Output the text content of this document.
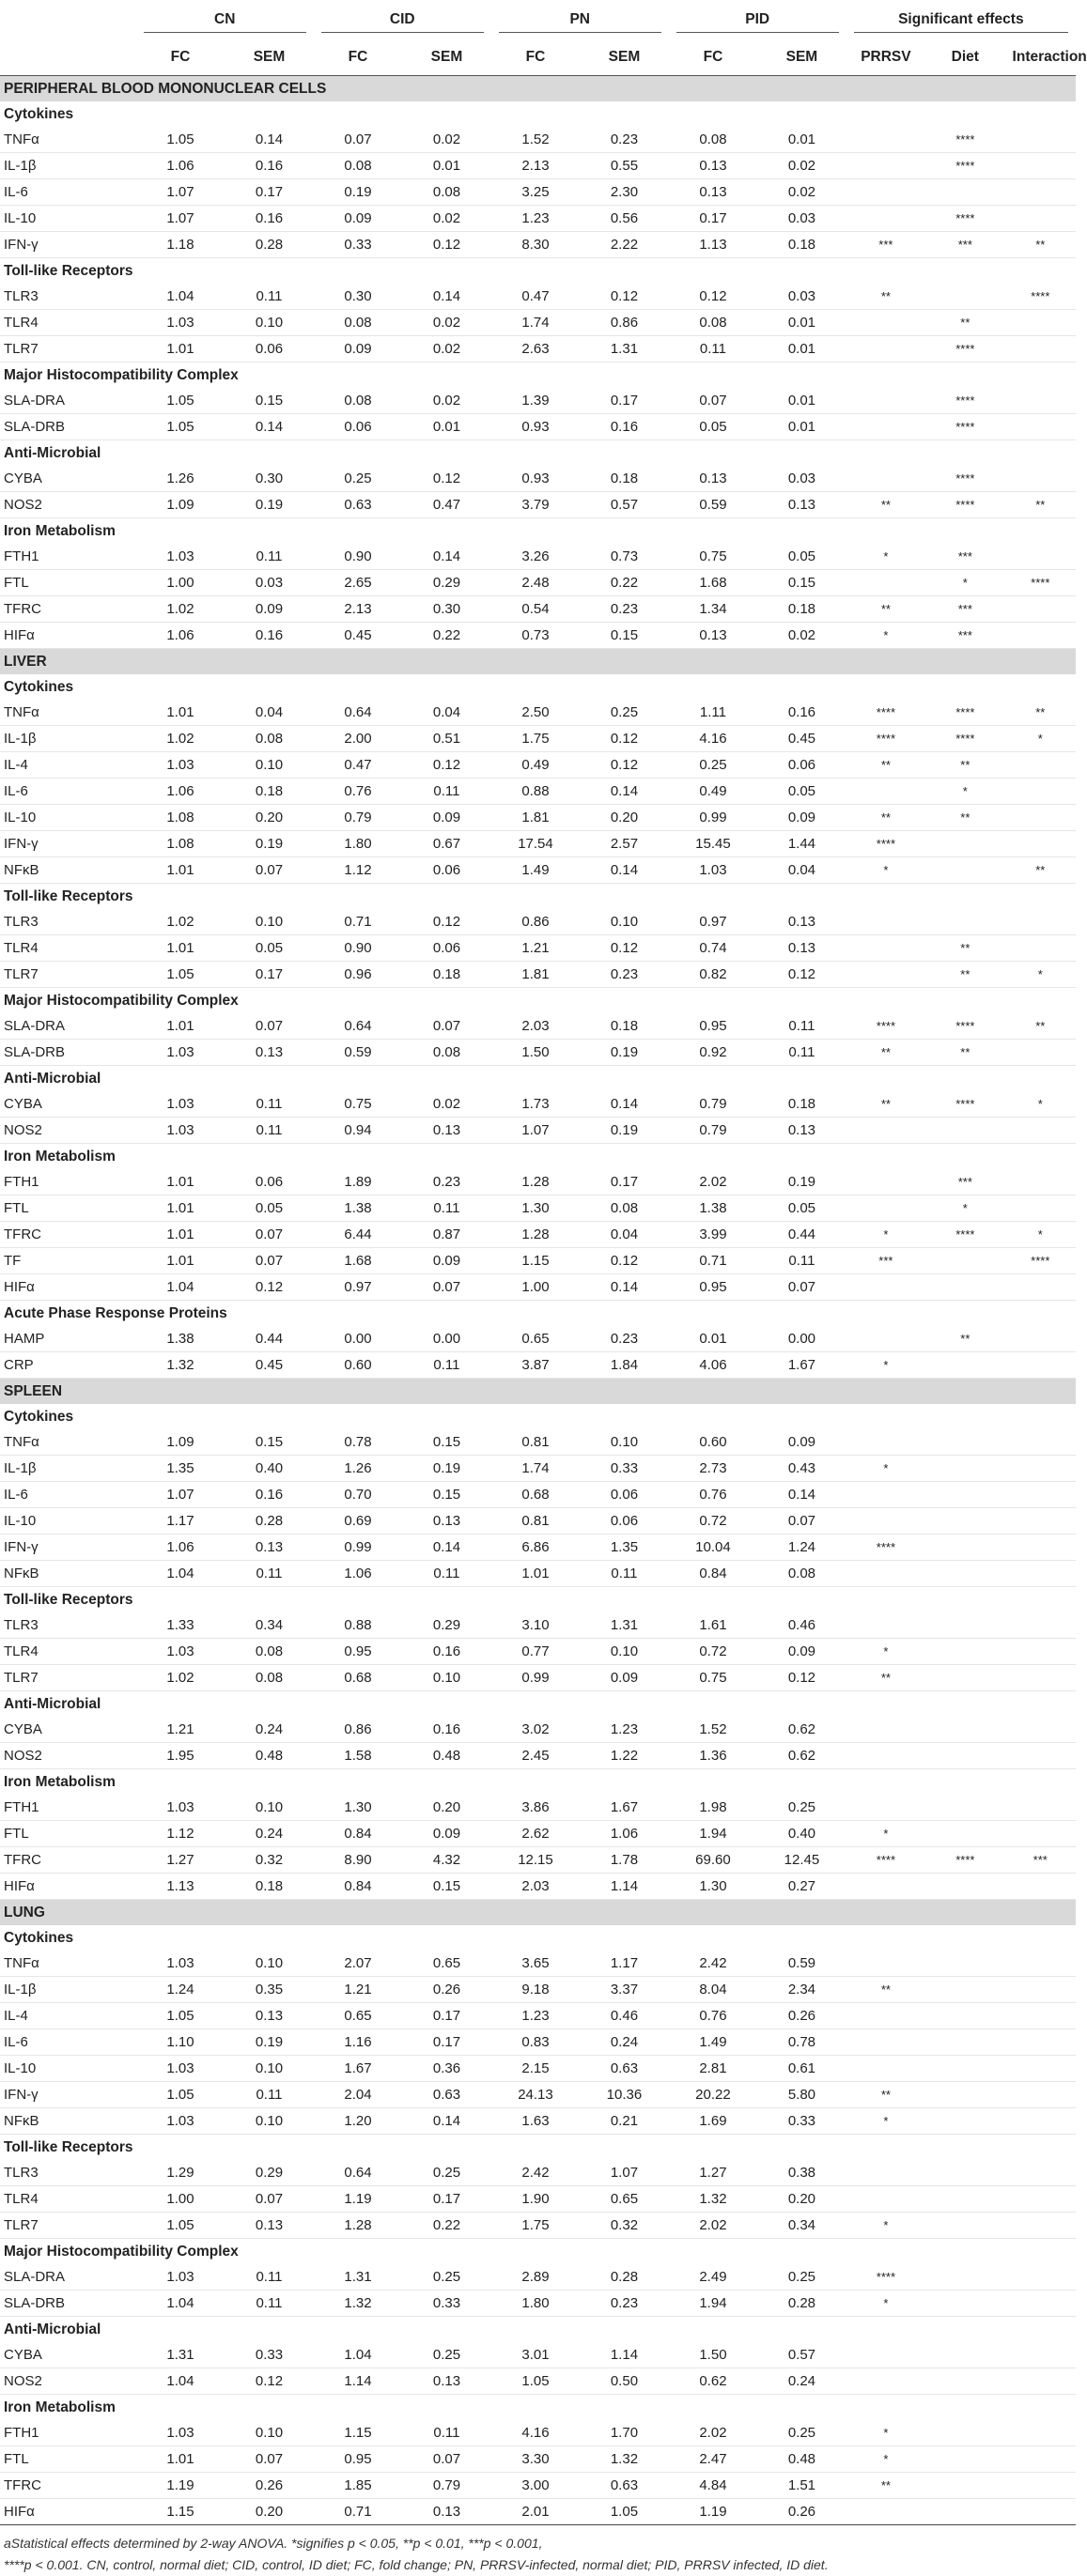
	CN		CID		PN		PID		Significant effects		
	FC	SEM	FC	SEM	FC	SEM	FC	SEM	PRRSV	Diet	Interaction
PERIPHERAL BLOOD MONONUCLEAR CELLS											
Cytokines											
TNFα	1.05	0.14	0.07	0.02	1.52	0.23	0.08	0.01		****	
IL-1β	1.06	0.16	0.08	0.01	2.13	0.55	0.13	0.02		****	
IL-6	1.07	0.17	0.19	0.08	3.25	2.30	0.13	0.02			
IL-10	1.07	0.16	0.09	0.02	1.23	0.56	0.17	0.03		****	
IFN-γ	1.18	0.28	0.33	0.12	8.30	2.22	1.13	0.18	***	***	**
Toll-like Receptors											
TLR3	1.04	0.11	0.30	0.14	0.47	0.12	0.12	0.03	**		****
TLR4	1.03	0.10	0.08	0.02	1.74	0.86	0.08	0.01		**	
TLR7	1.01	0.06	0.09	0.02	2.63	1.31	0.11	0.01		****	
Major Histocompatibility Complex											
SLA-DRA	1.05	0.15	0.08	0.02	1.39	0.17	0.07	0.01		****	
SLA-DRB	1.05	0.14	0.06	0.01	0.93	0.16	0.05	0.01		****	
Anti-Microbial											
CYBA	1.26	0.30	0.25	0.12	0.93	0.18	0.13	0.03		****	
NOS2	1.09	0.19	0.63	0.47	3.79	0.57	0.59	0.13	**	****	**
Iron Metabolism											
FTH1	1.03	0.11	0.90	0.14	3.26	0.73	0.75	0.05	*	***	
FTL	1.00	0.03	2.65	0.29	2.48	0.22	1.68	0.15		*	****
TFRC	1.02	0.09	2.13	0.30	0.54	0.23	1.34	0.18	**	***	
HIFα	1.06	0.16	0.45	0.22	0.73	0.15	0.13	0.02	*	***	
LIVER											
Cytokines											
TNFα	1.01	0.04	0.64	0.04	2.50	0.25	1.11	0.16	****	****	**
IL-1β	1.02	0.08	2.00	0.51	1.75	0.12	4.16	0.45	****	****	*
IL-4	1.03	0.10	0.47	0.12	0.49	0.12	0.25	0.06	**	**	
IL-6	1.06	0.18	0.76	0.11	0.88	0.14	0.49	0.05		*	
IL-10	1.08	0.20	0.79	0.09	1.81	0.20	0.99	0.09	**	**	
IFN-γ	1.08	0.19	1.80	0.67	17.54	2.57	15.45	1.44	****		
NFκB	1.01	0.07	1.12	0.06	1.49	0.14	1.03	0.04	*		**
Toll-like Receptors											
TLR3	1.02	0.10	0.71	0.12	0.86	0.10	0.97	0.13			
TLR4	1.01	0.05	0.90	0.06	1.21	0.12	0.74	0.13		**	
TLR7	1.05	0.17	0.96	0.18	1.81	0.23	0.82	0.12		**	*
Major Histocompatibility Complex											
SLA-DRA	1.01	0.07	0.64	0.07	2.03	0.18	0.95	0.11	****	****	**
SLA-DRB	1.03	0.13	0.59	0.08	1.50	0.19	0.92	0.11	**	**	
Anti-Microbial											
CYBA	1.03	0.11	0.75	0.02	1.73	0.14	0.79	0.18	**	****	*
NOS2	1.03	0.11	0.94	0.13	1.07	0.19	0.79	0.13			
Iron Metabolism											
FTH1	1.01	0.06	1.89	0.23	1.28	0.17	2.02	0.19		***	
FTL	1.01	0.05	1.38	0.11	1.30	0.08	1.38	0.05		*	
TFRC	1.01	0.07	6.44	0.87	1.28	0.04	3.99	0.44	*	****	*
TF	1.01	0.07	1.68	0.09	1.15	0.12	0.71	0.11	***		****
HIFα	1.04	0.12	0.97	0.07	1.00	0.14	0.95	0.07			
Acute Phase Response Proteins											
HAMP	1.38	0.44	0.00	0.00	0.65	0.23	0.01	0.00		**	
CRP	1.32	0.45	0.60	0.11	3.87	1.84	4.06	1.67	*		
SPLEEN											
Cytokines											
TNFα	1.09	0.15	0.78	0.15	0.81	0.10	0.60	0.09			
IL-1β	1.35	0.40	1.26	0.19	1.74	0.33	2.73	0.43	*		
IL-6	1.07	0.16	0.70	0.15	0.68	0.06	0.76	0.14			
IL-10	1.17	0.28	0.69	0.13	0.81	0.06	0.72	0.07			
IFN-γ	1.06	0.13	0.99	0.14	6.86	1.35	10.04	1.24	****		
NFκB	1.04	0.11	1.06	0.11	1.01	0.11	0.84	0.08			
Toll-like Receptors											
TLR3	1.33	0.34	0.88	0.29	3.10	1.31	1.61	0.46			
TLR4	1.03	0.08	0.95	0.16	0.77	0.10	0.72	0.09	*		
TLR7	1.02	0.08	0.68	0.10	0.99	0.09	0.75	0.12	**		
Anti-Microbial											
CYBA	1.21	0.24	0.86	0.16	3.02	1.23	1.52	0.62			
NOS2	1.95	0.48	1.58	0.48	2.45	1.22	1.36	0.62			
Iron Metabolism											
FTH1	1.03	0.10	1.30	0.20	3.86	1.67	1.98	0.25			
FTL	1.12	0.24	0.84	0.09	2.62	1.06	1.94	0.40	*		
TFRC	1.27	0.32	8.90	4.32	12.15	1.78	69.60	12.45	****	****	***
HIFα	1.13	0.18	0.84	0.15	2.03	1.14	1.30	0.27			
LUNG											
Cytokines											
TNFα	1.03	0.10	2.07	0.65	3.65	1.17	2.42	0.59			
IL-1β	1.24	0.35	1.21	0.26	9.18	3.37	8.04	2.34	**		
IL-4	1.05	0.13	0.65	0.17	1.23	0.46	0.76	0.26			
IL-6	1.10	0.19	1.16	0.17	0.83	0.24	1.49	0.78			
IL-10	1.03	0.10	1.67	0.36	2.15	0.63	2.81	0.61			
IFN-γ	1.05	0.11	2.04	0.63	24.13	10.36	20.22	5.80	**		
NFκB	1.03	0.10	1.20	0.14	1.63	0.21	1.69	0.33	*		
Toll-like Receptors											
TLR3	1.29	0.29	0.64	0.25	2.42	1.07	1.27	0.38			
TLR4	1.00	0.07	1.19	0.17	1.90	0.65	1.32	0.20			
TLR7	1.05	0.13	1.28	0.22	1.75	0.32	2.02	0.34	*		
Major Histocompatibility Complex											
SLA-DRA	1.03	0.11	1.31	0.25	2.89	0.28	2.49	0.25	****		
SLA-DRB	1.04	0.11	1.32	0.33	1.80	0.23	1.94	0.28	*		
Anti-Microbial											
CYBA	1.31	0.33	1.04	0.25	3.01	1.14	1.50	0.57			
NOS2	1.04	0.12	1.14	0.13	1.05	0.50	0.62	0.24			
Iron Metabolism											
FTH1	1.03	0.10	1.15	0.11	4.16	1.70	2.02	0.25	*		
FTL	1.01	0.07	0.95	0.07	3.30	1.32	2.47	0.48	*		
TFRC	1.19	0.26	1.85	0.79	3.00	0.63	4.84	1.51	**		
HIFα	1.15	0.20	0.71	0.13	2.01	1.05	1.19	0.26			
aStatistical effects determined by 2-way ANOVA. *signifies p < 0.05, **p < 0.01, ***p < 0.001,
****p < 0.001. CN, control, normal diet; CID, control, ID diet; FC, fold change; PN, PRRSV-infected, normal diet; PID, PRRSV infected, ID diet.
